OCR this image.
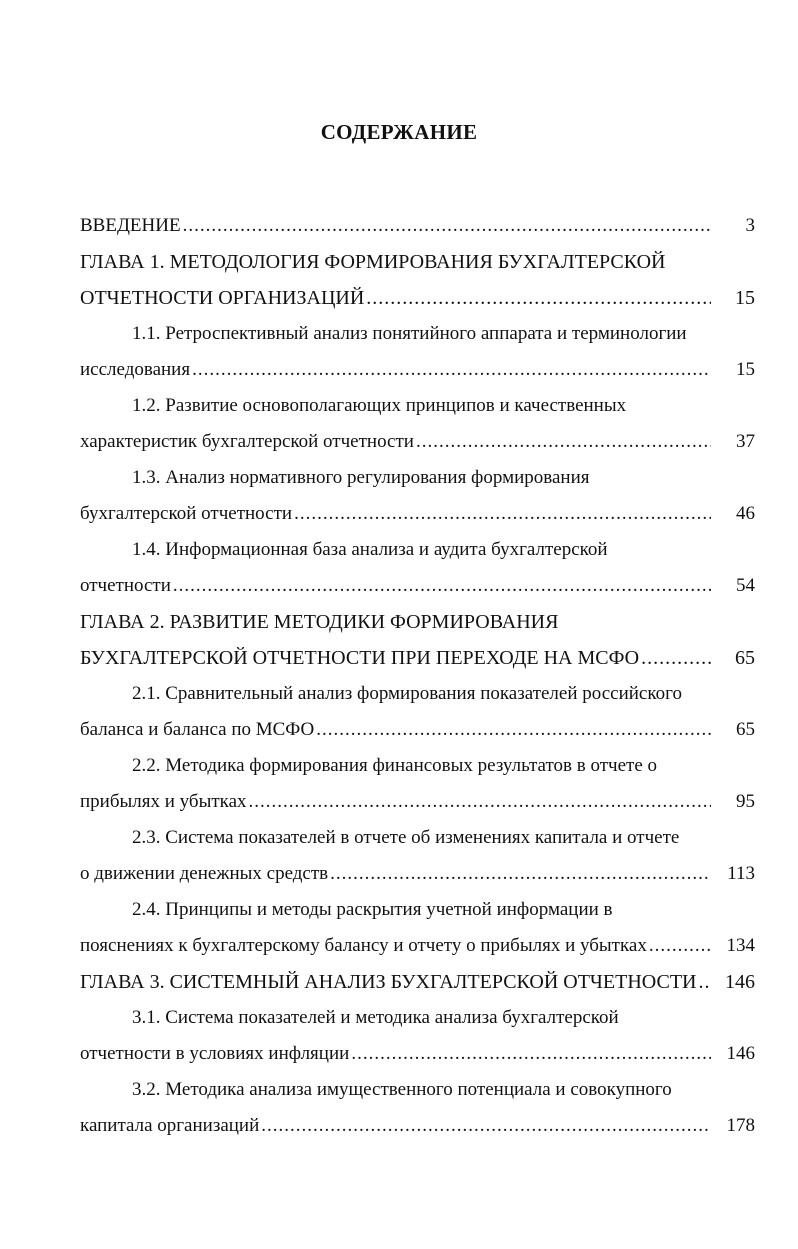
СОДЕРЖАНИЕ
ВВЕДЕНИЕ .....	3
ГЛАВА 1. МЕТОДОЛОГИЯ ФОРМИРОВАНИЯ БУХГАЛТЕРСКОЙ
ОТЧЕТНОСТИ ОРГАНИЗАЦИЙ .....	15
1.1. Ретроспективный анализ понятийного аппарата и терминологии
исследования .....	15
1.2. Развитие основополагающих принципов и качественных
характеристик бухгалтерской отчетности .....	37
1.3. Анализ нормативного регулирования формирования
бухгалтерской отчетности .....	46
1.4. Информационная база анализа и аудита бухгалтерской
отчетности .....	54
ГЛАВА 2. РАЗВИТИЕ МЕТОДИКИ ФОРМИРОВАНИЯ
БУХГАЛТЕРСКОЙ ОТЧЕТНОСТИ ПРИ ПЕРЕХОДЕ НА МСФО .....	65
2.1. Сравнительный анализ формирования показателей российского
баланса и баланса по МСФО .....	65
2.2. Методика формирования финансовых результатов в отчете о
прибылях и убытках .....	95
2.3. Система показателей в отчете об изменениях капитала и отчете
о движении денежных средств .....	113
2.4. Принципы и методы раскрытия учетной информации в
пояснениях к бухгалтерскому балансу и отчету о прибылях и убытках .....	134
ГЛАВА 3. СИСТЕМНЫЙ АНАЛИЗ БУХГАЛТЕРСКОЙ ОТЧЕТНОСТИ .....	146
3.1. Система показателей и методика анализа бухгалтерской
отчетности в условиях инфляции .....	146
3.2. Методика анализа имущественного потенциала и совокупного
капитала организаций .....	178
